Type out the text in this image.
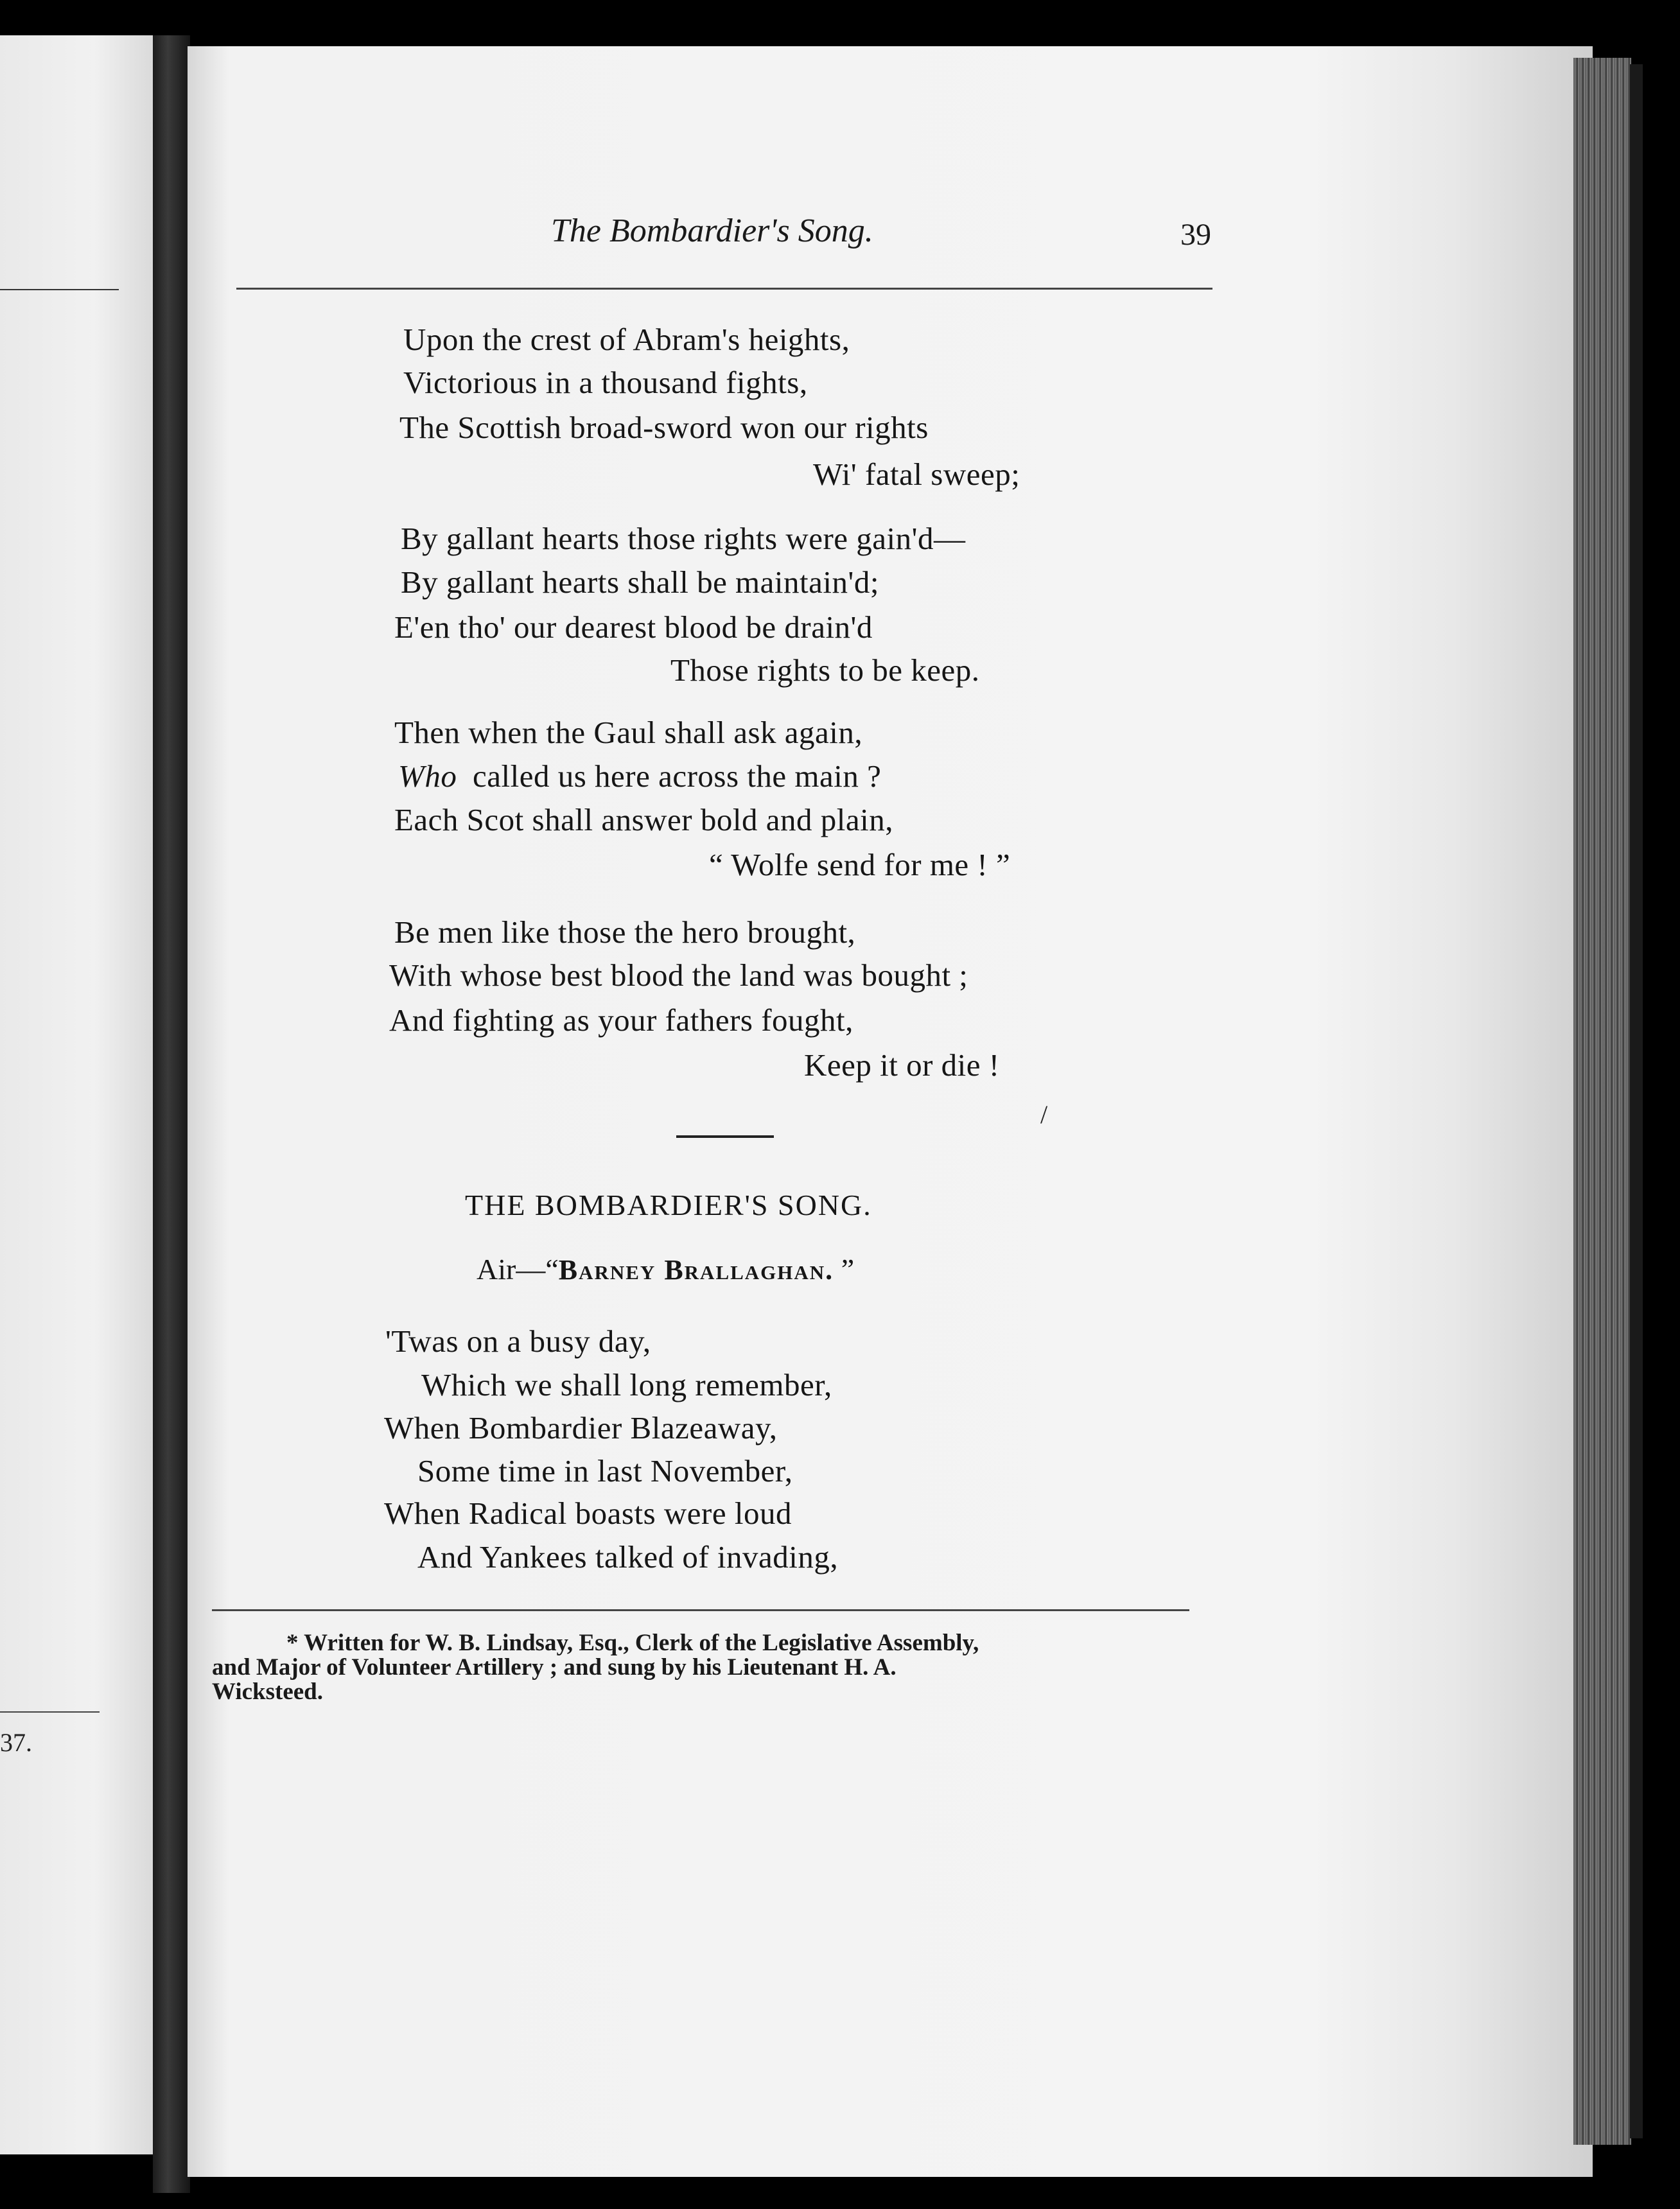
37.
The Bombardier's Song.	39
Upon the crest of Abram's heights,
Victorious in a thousand fights,
The Scottish broad-sword won our rights
Wi' fatal sweep;
By gallant hearts those rights were gain'd—
By gallant hearts shall be maintain'd;
E'en tho' our dearest blood be drain'd
Those rights to be keep.
Then when the Gaul shall ask again,
Who called us here across the main ?
Each Scot shall answer bold and plain,
“ Wolfe send for me ! ”
Be men like those the hero brought,
With whose best blood the land was bought ;
And fighting as your fathers fought,
Keep it or die !
/
THE BOMBARDIER'S SONG.
Air—“Barney Brallaghan. ”
'Twas on a busy day,
Which we shall long remember,
When Bombardier Blazeaway,
Some time in last November,
When Radical boasts were loud
And Yankees talked of invading,
* Written for W. B. Lindsay, Esq., Clerk of the Legislative Assembly,
and Major of Volunteer Artillery ; and sung by his Lieutenant H. A.
Wicksteed.
